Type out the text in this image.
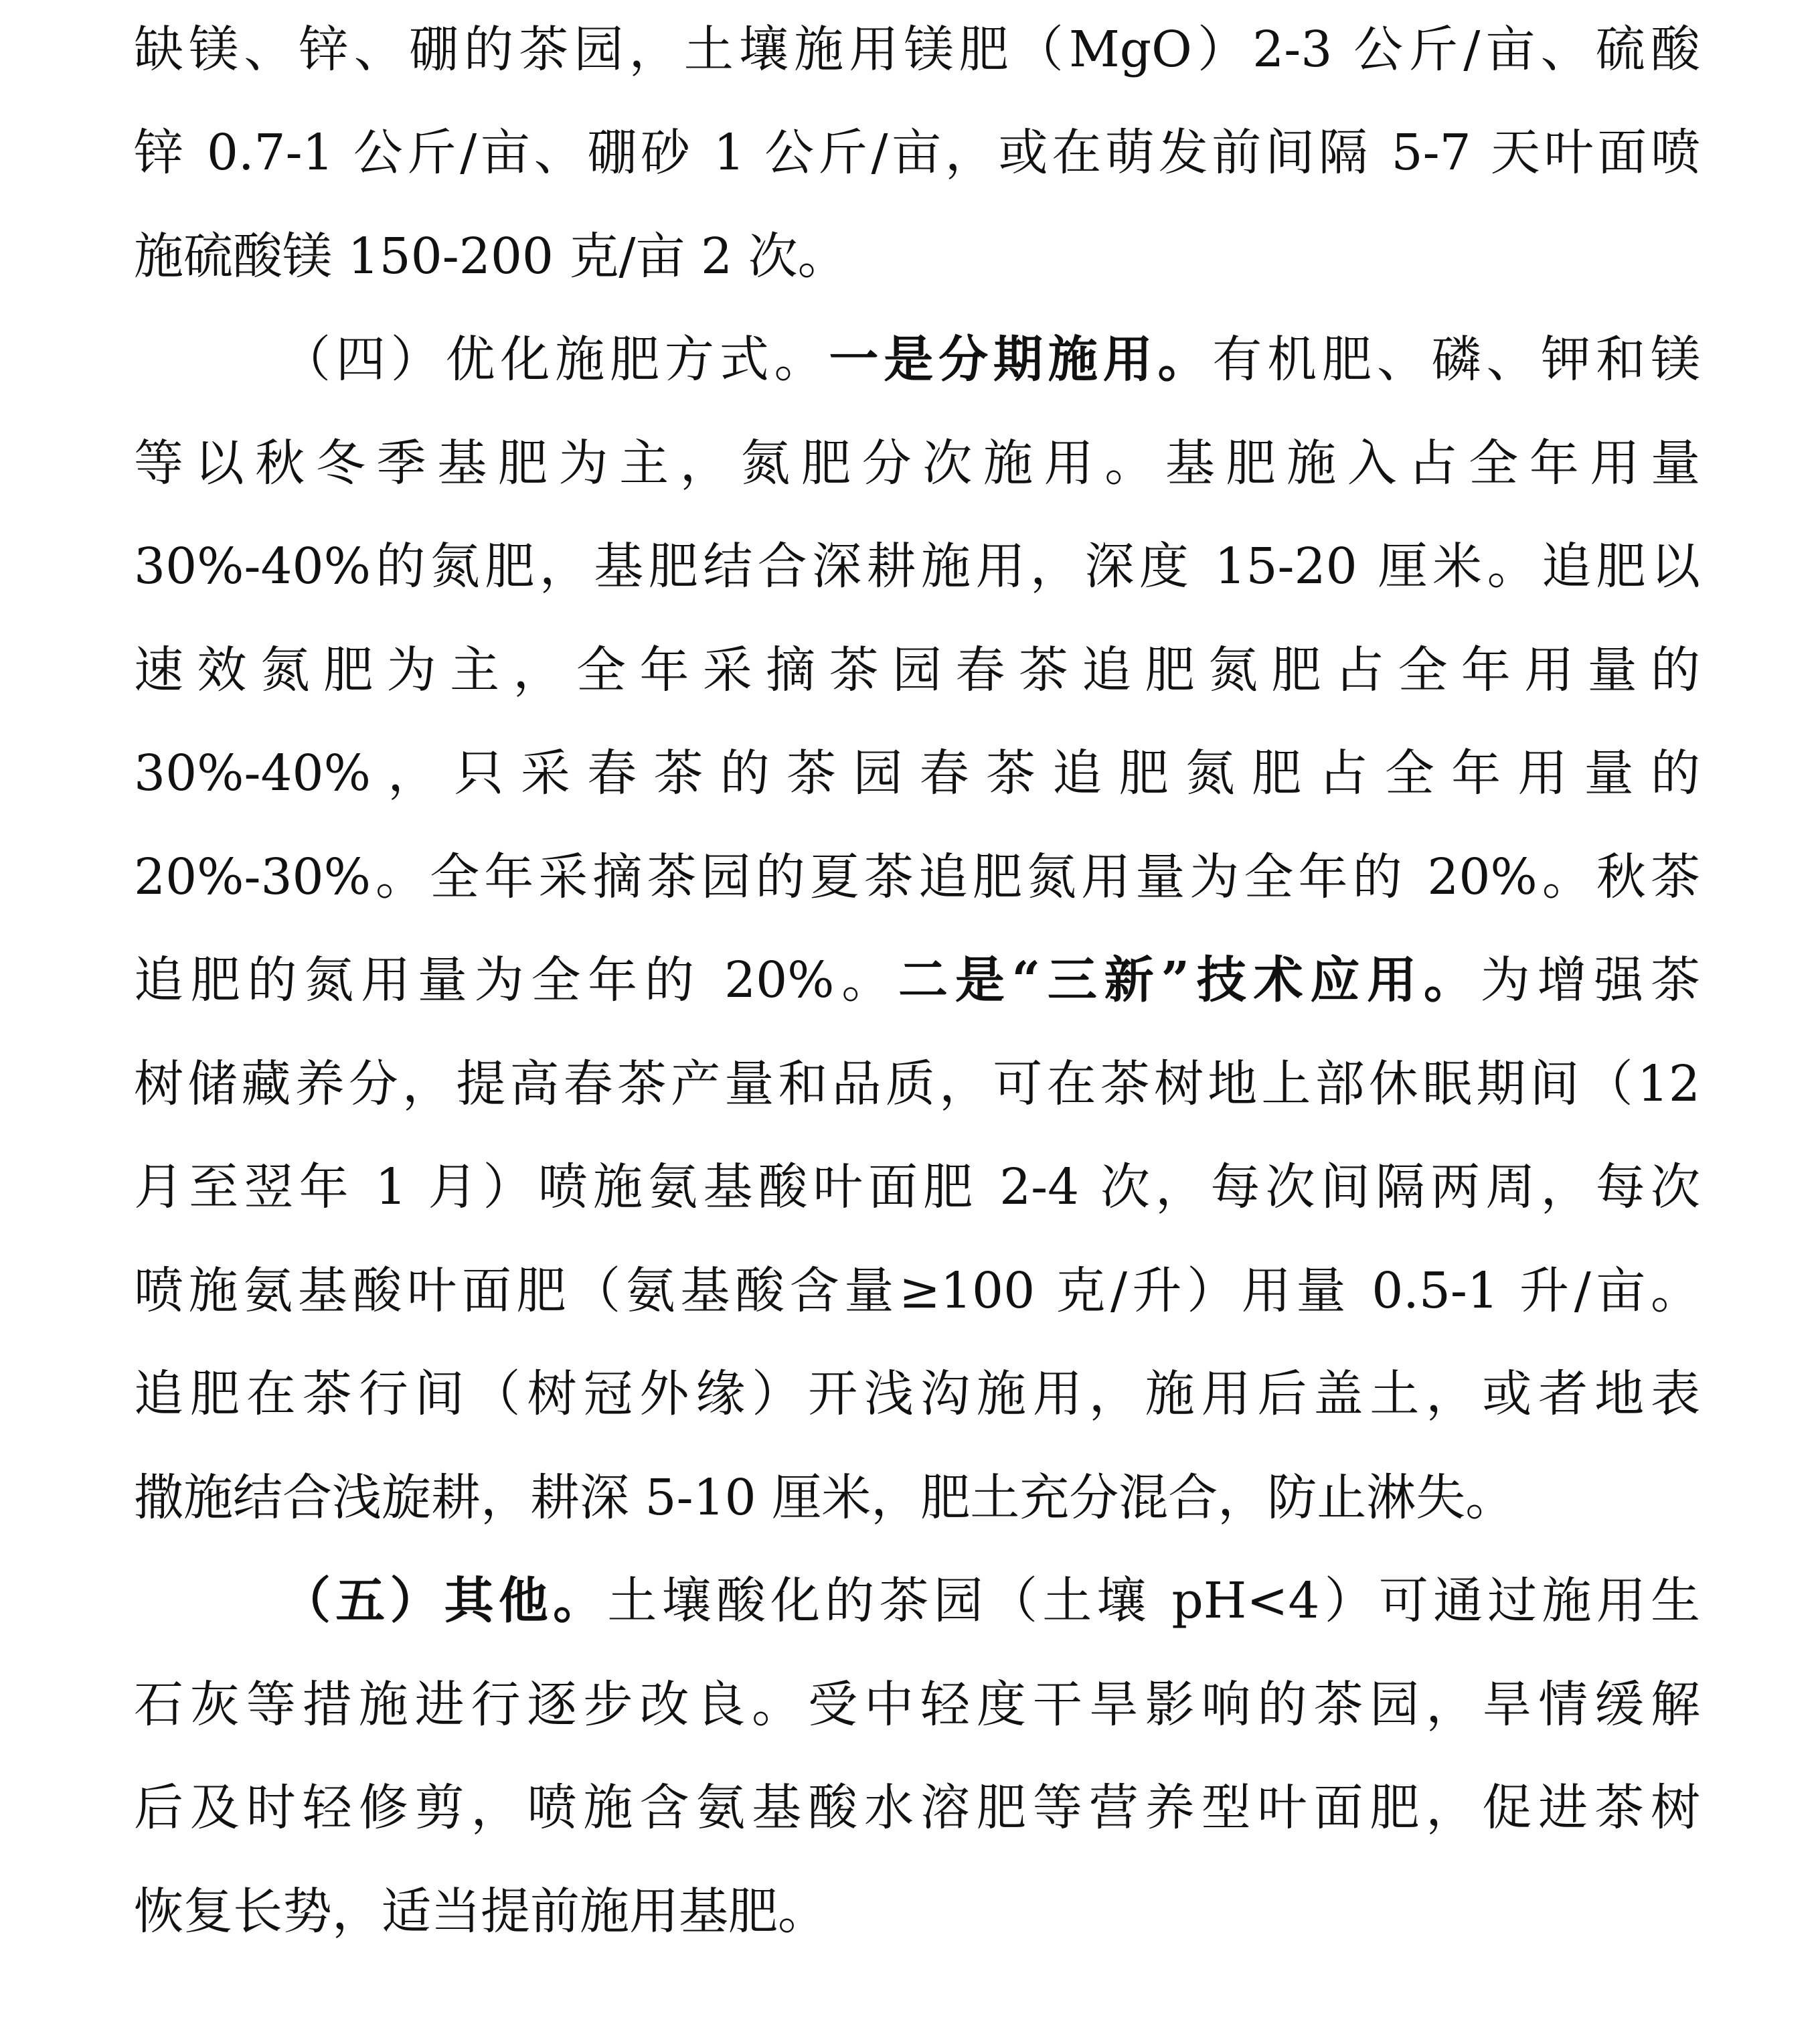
缺镁、锌、硼的茶园，土壤施用镁肥（MgO）2-3 公斤/亩、硫酸
锌 0.7-1 公斤/亩、硼砂 1 公斤/亩，或在萌发前间隔 5-7 天叶面喷
施硫酸镁 150-200 克/亩 2 次。
（四）优化施肥方式。一是分期施用。有机肥、磷、钾和镁
等以秋冬季基肥为主，氮肥分次施用。基肥施入占全年用量
30%-40%的氮肥，基肥结合深耕施用，深度 15-20 厘米。追肥以
速效氮肥为主，全年采摘茶园春茶追肥氮肥占全年用量的
30%-40%，只采春茶的茶园春茶追肥氮肥占全年用量的
20%-30%。全年采摘茶园的夏茶追肥氮用量为全年的 20%。秋茶
追肥的氮用量为全年的 20%。二是“三新”技术应用。为增强茶
树储藏养分，提高春茶产量和品质，可在茶树地上部休眠期间（12
月至翌年 1 月）喷施氨基酸叶面肥 2-4 次，每次间隔两周，每次
喷施氨基酸叶面肥（氨基酸含量≥100 克/升）用量 0.5-1 升/亩。
追肥在茶行间（树冠外缘）开浅沟施用，施用后盖土，或者地表
撒施结合浅旋耕，耕深 5-10 厘米，肥土充分混合，防止淋失。
（五）其他。土壤酸化的茶园（土壤 pH<4）可通过施用生
石灰等措施进行逐步改良。受中轻度干旱影响的茶园，旱情缓解
后及时轻修剪，喷施含氨基酸水溶肥等营养型叶面肥，促进茶树
恢复长势，适当提前施用基肥。
